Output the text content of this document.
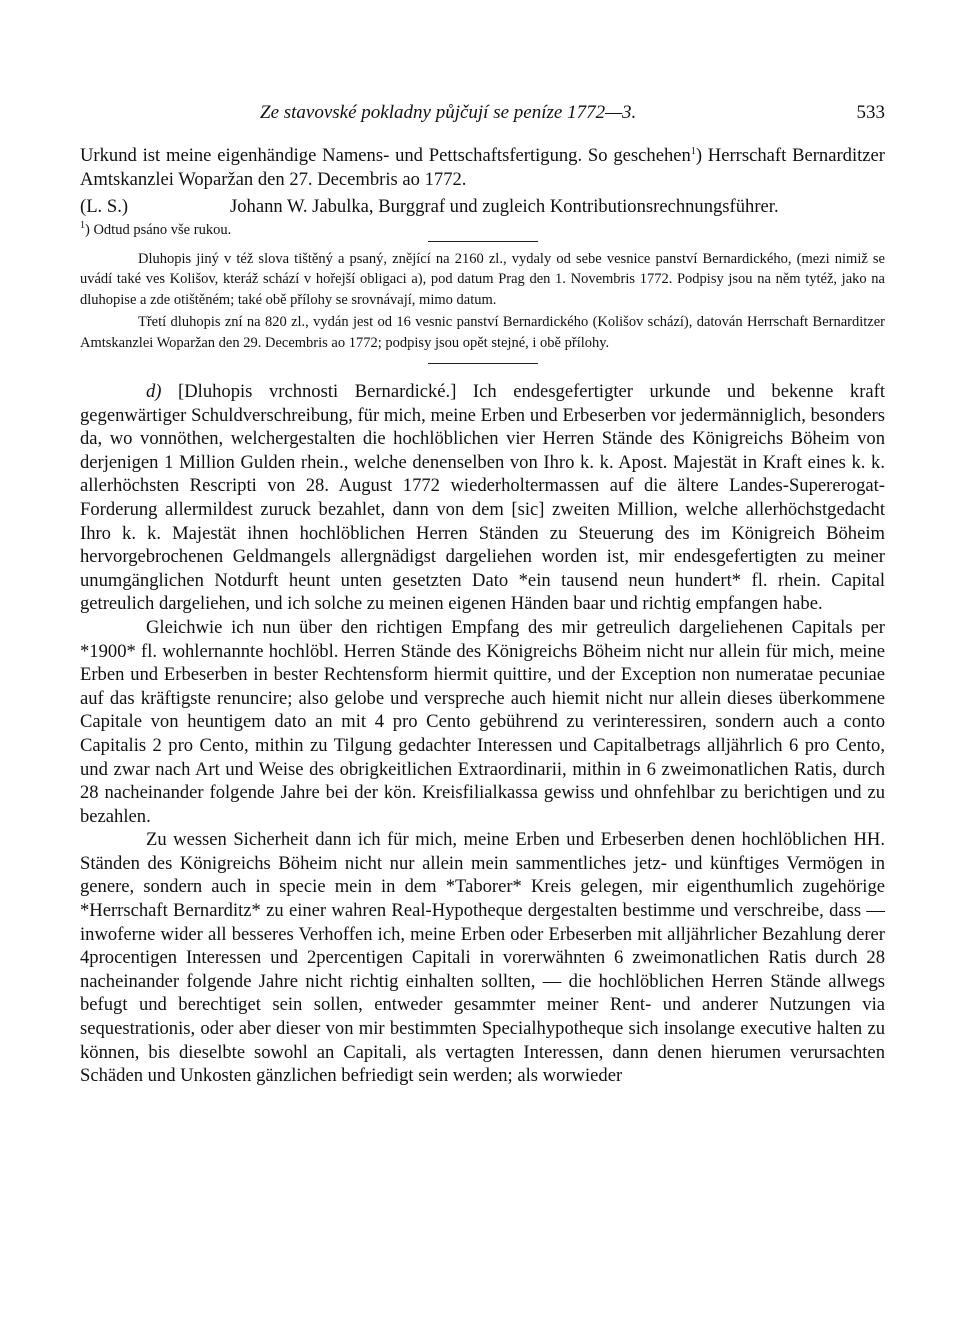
Ze stavovské pokladny půjčují se peníze 1772—3.	533

Urkund ist meine eigenhändige Namens- und Pettschaftsfertigung. So geschehen$^1$) Herrschaft Bernarditzer Amtskanzlei Woparžan den 27. Decembris ao 1772.

(L. S.)	Johann W. Jabulka, Burggraf und zugleich Kontributionsrechnungsführer.

$^1$) Odtud psáno vše rukou.

Dluhopis jiný v též slova tištěný a psaný, znějící na 2160 zl., vydaly od sebe vesnice panství Bernardického, (mezi nimiž se uvádí také ves Kolišov, kteráž schází v hořejší obligaci a), pod datum Prag den 1. Novembris 1772. Podpisy jsou na něm tytéž, jako na dluhopise a zde otištěném; také obě přílohy se srovnávají, mimo datum.

Třetí dluhopis zní na 820 zl., vydán jest od 16 vesnic panství Bernardického (Kolišov schází), datován Herrschaft Bernarditzer Amtskanzlei Woparžan den 29. Decembris ao 1772; podpisy jsou opět stejné, i obě přílohy.

d) [Dluhopis vrchnosti Bernardické.] Ich endesgefertigter urkunde und bekenne kraft gegenwärtiger Schuldverschreibung, für mich, meine Erben und Erbeserben vor jedermänniglich, besonders da, wo vonnöthen, welchergestalten die hochlöblichen vier Herren Stände des Königreichs Böheim von derjenigen 1 Million Gulden rhein., welche denenselben von Ihro k. k. Apost. Majestät in Kraft eines k. k. allerhöchsten Rescripti von 28. August 1772 wiederholtermassen auf die ältere Landes-Supererogat-Forderung allermildest zuruck bezahlet, dann von dem [sic] zweiten Million, welche allerhöchstgedacht Ihro k. k. Majestät ihnen hochlöblichen Herren Ständen zu Steuerung des im Königreich Böheim hervorgebrochenen Geldmangels allergnädigst dargeliehen worden ist, mir endesgefertigten zu meiner unumgänglichen Notdurft heunt unten gesetzten Dato *ein tausend neun hundert* fl. rhein. Capital getreulich dargeliehen, und ich solche zu meinen eigenen Händen baar und richtig empfangen habe.

Gleichwie ich nun über den richtigen Empfang des mir getreulich dargeliehenen Capitals per *1900* fl. wohlernannte hochlöbl. Herren Stände des Königreichs Böheim nicht nur allein für mich, meine Erben und Erbeserben in bester Rechtensform hiermit quittire, und der Exception non numeratae pecuniae auf das kräftigste renuncire; also gelobe und verspreche auch hiemit nicht nur allein dieses überkommene Capitale von heuntigem dato an mit 4 pro Cento gebührend zu verinteressiren, sondern auch a conto Capitalis 2 pro Cento, mithin zu Tilgung gedachter Interessen und Capitalbetrags alljährlich 6 pro Cento, und zwar nach Art und Weise des obrigkeitlichen Extraordinarii, mithin in 6 zweimonatlichen Ratis, durch 28 nacheinander folgende Jahre bei der kön. Kreisfilialkassa gewiss und ohnfehlbar zu berichtigen und zu bezahlen.

Zu wessen Sicherheit dann ich für mich, meine Erben und Erbeserben denen hochlöblichen HH. Ständen des Königreichs Böheim nicht nur allein mein sammentliches jetz- und künftiges Vermögen in genere, sondern auch in specie mein in dem *Taborer* Kreis gelegen, mir eigenthumlich zugehörige *Herrschaft Bernarditz* zu einer wahren Real-Hypotheque dergestalten bestimme und verschreibe, dass — inwoferne wider all besseres Verhoffen ich, meine Erben oder Erbeserben mit alljährlicher Bezahlung derer 4procentigen Interessen und 2percentigen Capitali in vorerwähnten 6 zweimonatlichen Ratis durch 28 nacheinander folgende Jahre nicht richtig einhalten sollten, — die hochlöblichen Herren Stände allwegs befugt und berechtiget sein sollen, entweder gesammter meiner Rent- und anderer Nutzungen via sequestrationis, oder aber dieser von mir bestimmten Specialhypotheque sich insolange executive halten zu können, bis dieselbte sowohl an Capitali, als vertagten Interessen, dann denen hierumen verursachten Schäden und Unkosten gänzlichen befriedigt sein werden; als worwieder
